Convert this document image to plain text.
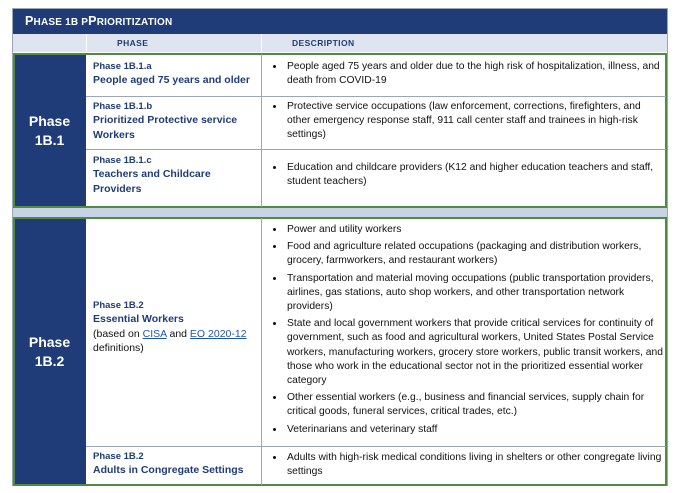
PHASE 1B PPRIORITIZATION
PHASE	DESCRIPTION
Phase
1B.1
Phase 1B.1.a
People aged 75 years and older
• People aged 75 years and older due to the high risk of hospitalization, illness, and death from COVID-19
Phase 1B.1.b
Prioritized Protective service Workers
• Protective service occupations (law enforcement, corrections, firefighters, and other emergency response staff, 911 call center staff and trainees in high-risk settings)
Phase 1B.1.c
Teachers and Childcare Providers
• Education and childcare providers (K12 and higher education teachers and staff, student teachers)
Phase
1B.2
Phase 1B.2
Essential Workers
(based on CISA and EO 2020-12
definitions)
• Power and utility workers
• Food and agriculture related occupations (packaging and distribution workers, grocery, farmworkers, and restaurant workers)
• Transportation and material moving occupations (public transportation providers, airlines, gas stations, auto shop workers, and other transportation network providers)
• State and local government workers that provide critical services for continuity of government, such as food and agricultural workers, United States Postal Service workers, manufacturing workers, grocery store workers, public transit workers, and those who work in the educational sector not in the prioritized essential worker category
• Other essential workers (e.g., business and financial services, supply chain for critical goods, funeral services, critical trades, etc.)
• Veterinarians and veterinary staff
Phase 1B.2
Adults in Congregate Settings
• Adults with high-risk medical conditions living in shelters or other congregate living settings
